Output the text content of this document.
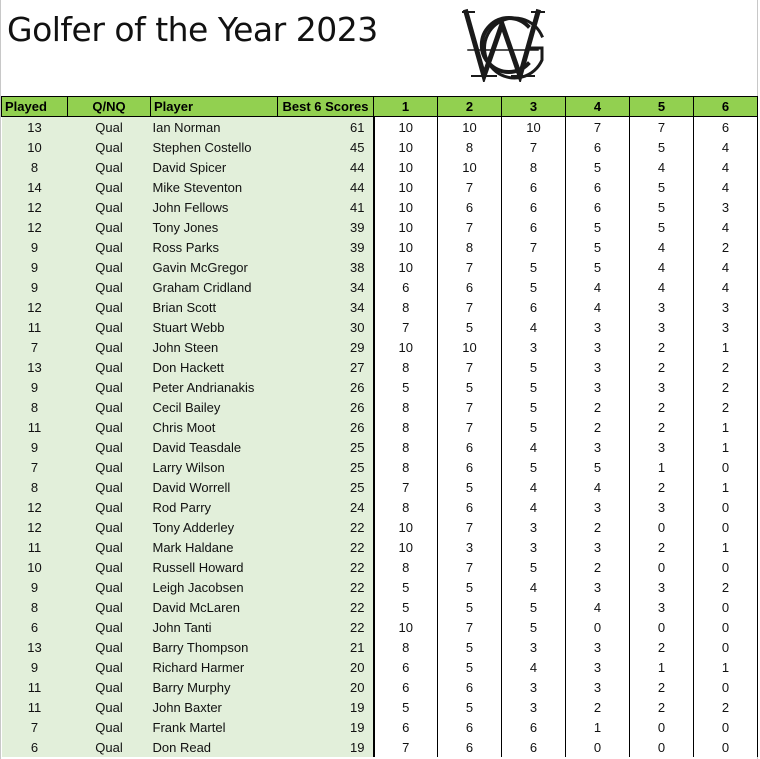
Golfer of the Year 2023
Played	Q/NQ	Player	Best 6 Scores	1	2	3	4	5	6
13	Qual	Ian Norman	61	10	10	10	7	7	6
10	Qual	Stephen Costello	45	10	8	7	6	5	4
8	Qual	David Spicer	44	10	10	8	5	4	4
14	Qual	Mike Steventon	44	10	7	6	6	5	4
12	Qual	John Fellows	41	10	6	6	6	5	3
12	Qual	Tony Jones	39	10	7	6	5	5	4
9	Qual	Ross Parks	39	10	8	7	5	4	2
9	Qual	Gavin McGregor	38	10	7	5	5	4	4
9	Qual	Graham Cridland	34	6	6	5	4	4	4
12	Qual	Brian Scott	34	8	7	6	4	3	3
11	Qual	Stuart Webb	30	7	5	4	3	3	3
7	Qual	John Steen	29	10	10	3	3	2	1
13	Qual	Don Hackett	27	8	7	5	3	2	2
9	Qual	Peter Andrianakis	26	5	5	5	3	3	2
8	Qual	Cecil Bailey	26	8	7	5	2	2	2
11	Qual	Chris Moot	26	8	7	5	2	2	1
9	Qual	David Teasdale	25	8	6	4	3	3	1
7	Qual	Larry Wilson	25	8	6	5	5	1	0
8	Qual	David Worrell	25	7	5	4	4	2	1
12	Qual	Rod Parry	24	8	6	4	3	3	0
12	Qual	Tony Adderley	22	10	7	3	2	0	0
11	Qual	Mark Haldane	22	10	3	3	3	2	1
10	Qual	Russell Howard	22	8	7	5	2	0	0
9	Qual	Leigh Jacobsen	22	5	5	4	3	3	2
8	Qual	David McLaren	22	5	5	5	4	3	0
6	Qual	John Tanti	22	10	7	5	0	0	0
13	Qual	Barry Thompson	21	8	5	3	3	2	0
9	Qual	Richard Harmer	20	6	5	4	3	1	1
11	Qual	Barry Murphy	20	6	6	3	3	2	0
11	Qual	John Baxter	19	5	5	3	2	2	2
7	Qual	Frank Martel	19	6	6	6	1	0	0
6	Qual	Don Read	19	7	6	6	0	0	0
